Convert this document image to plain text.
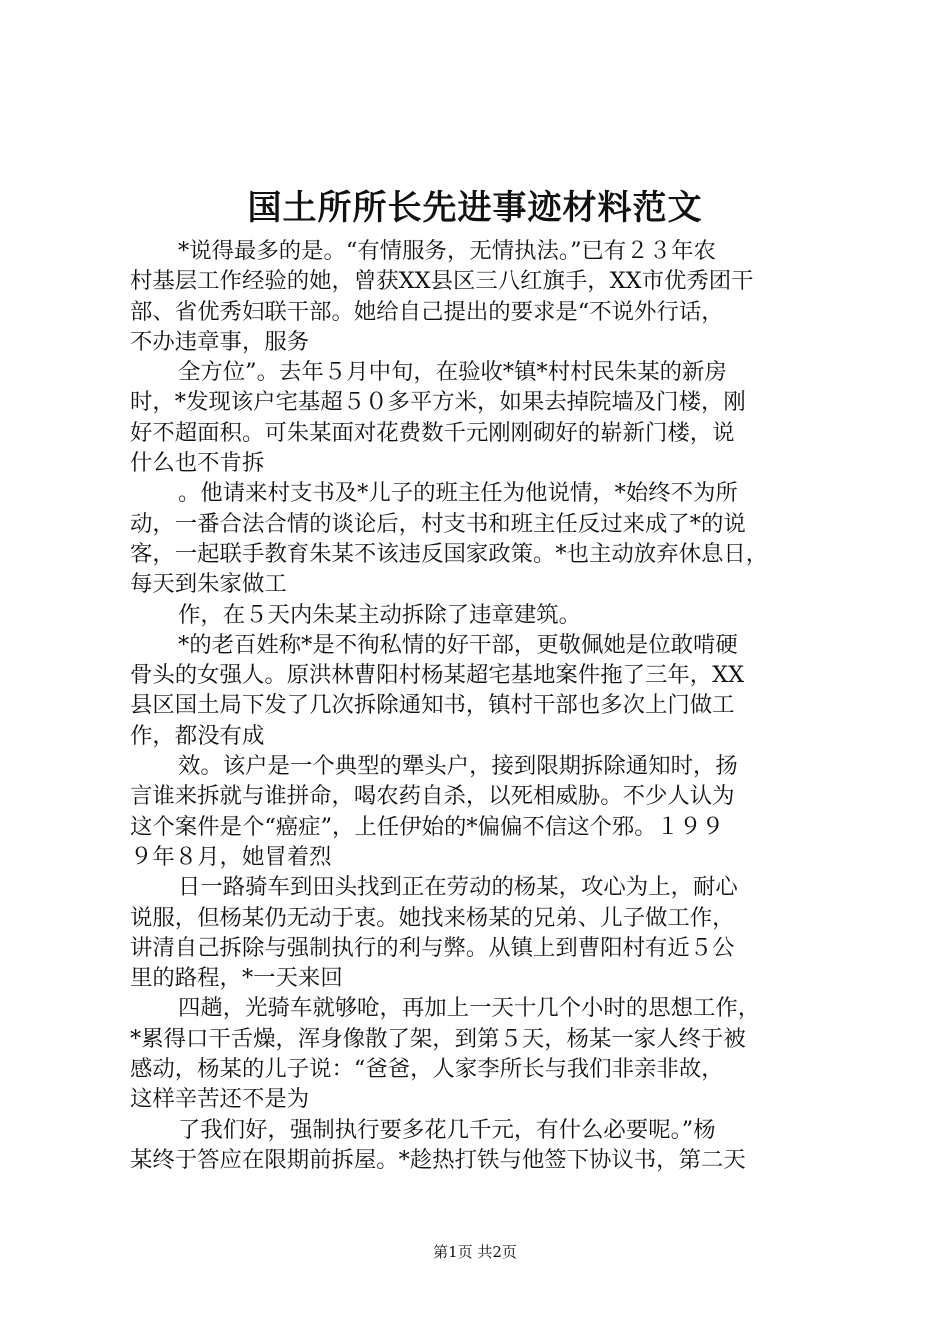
国土所所长先进事迹材料范文
*说得最多的是。“有情服务，无情执法。”已有２３年农
村基层工作经验的她，曾获XX县区三八红旗手，XX市优秀团干
部、省优秀妇联干部。她给自己提出的要求是“不说外行话，
不办违章事，服务
全方位”。去年５月中旬，在验收*镇*村村民朱某的新房
时，*发现该户宅基超５０多平方米，如果去掉院墙及门楼，刚
好不超面积。可朱某面对花费数千元刚刚砌好的崭新门楼，说
什么也不肯拆
。他请来村支书及*儿子的班主任为他说情，*始终不为所
动，一番合法合情的谈论后，村支书和班主任反过来成了*的说
客，一起联手教育朱某不该违反国家政策。*也主动放弃休息日，
每天到朱家做工
作，在５天内朱某主动拆除了违章建筑。
*的老百姓称*是不徇私情的好干部，更敬佩她是位敢啃硬
骨头的女强人。原洪林曹阳村杨某超宅基地案件拖了三年，XX
县区国土局下发了几次拆除通知书，镇村干部也多次上门做工
作，都没有成
效。该户是一个典型的犟头户，接到限期拆除通知时，扬
言谁来拆就与谁拼命，喝农药自杀，以死相威胁。不少人认为
这个案件是个“癌症”，上任伊始的*偏偏不信这个邪。１９９
９年８月，她冒着烈
日一路骑车到田头找到正在劳动的杨某，攻心为上，耐心
说服，但杨某仍无动于衷。她找来杨某的兄弟、儿子做工作，
讲清自己拆除与强制执行的利与弊。从镇上到曹阳村有近５公
里的路程，*一天来回
四趟，光骑车就够呛，再加上一天十几个小时的思想工作，
*累得口干舌燥，浑身像散了架，到第５天，杨某一家人终于被
感动，杨某的儿子说：“爸爸，人家李所长与我们非亲非故，
这样辛苦还不是为
了我们好，强制执行要多花几千元，有什么必要呢。”杨
某终于答应在限期前拆屋。*趁热打铁与他签下协议书，第二天
第1页 共2页
